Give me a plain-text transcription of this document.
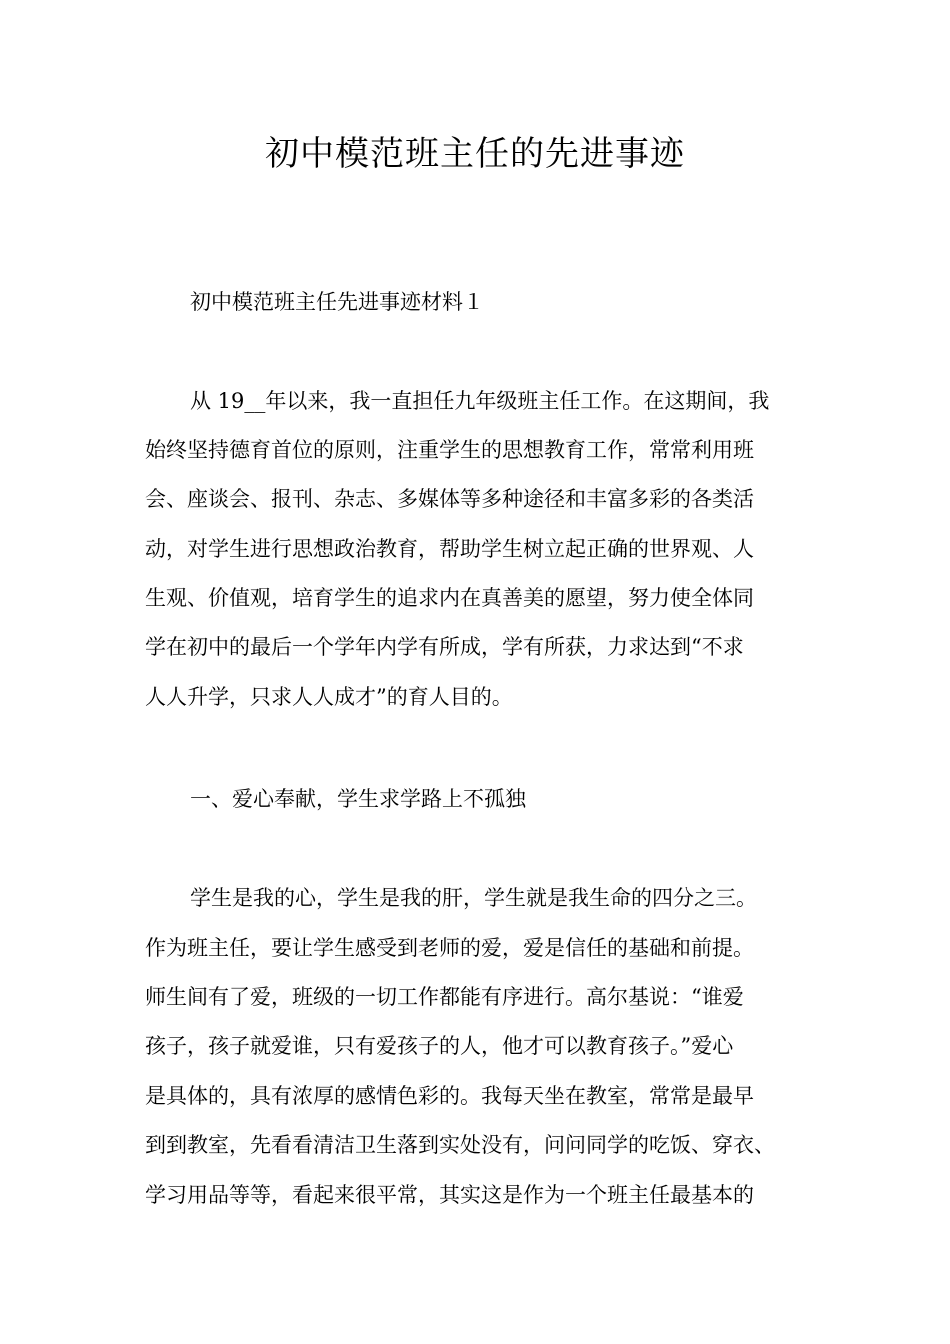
初中模范班主任的先进事迹

初中模范班主任先进事迹材料１

从 19__年以来，我一直担任九年级班主任工作。在这期间，我

始终坚持德育首位的原则，注重学生的思想教育工作，常常利用班

会、座谈会、报刊、杂志、多媒体等多种途径和丰富多彩的各类活

动，对学生进行思想政治教育，帮助学生树立起正确的世界观、人

生观、价值观，培育学生的追求内在真善美的愿望，努力使全体同

学在初中的最后一个学年内学有所成，学有所获，力求达到“不求

人人升学，只求人人成才”的育人目的。

一、爱心奉献，学生求学路上不孤独

学生是我的心，学生是我的肝，学生就是我生命的四分之三。

作为班主任，要让学生感受到老师的爱，爱是信任的基础和前提。

师生间有了爱，班级的一切工作都能有序进行。高尔基说：“谁爱

孩子，孩子就爱谁，只有爱孩子的人，他才可以教育孩子。”爱心

是具体的，具有浓厚的感情色彩的。我每天坐在教室，常常是最早

到到教室，先看看清洁卫生落到实处没有，问问同学的吃饭、穿衣、

学习用品等等，看起来很平常，其实这是作为一个班主任最基本的
